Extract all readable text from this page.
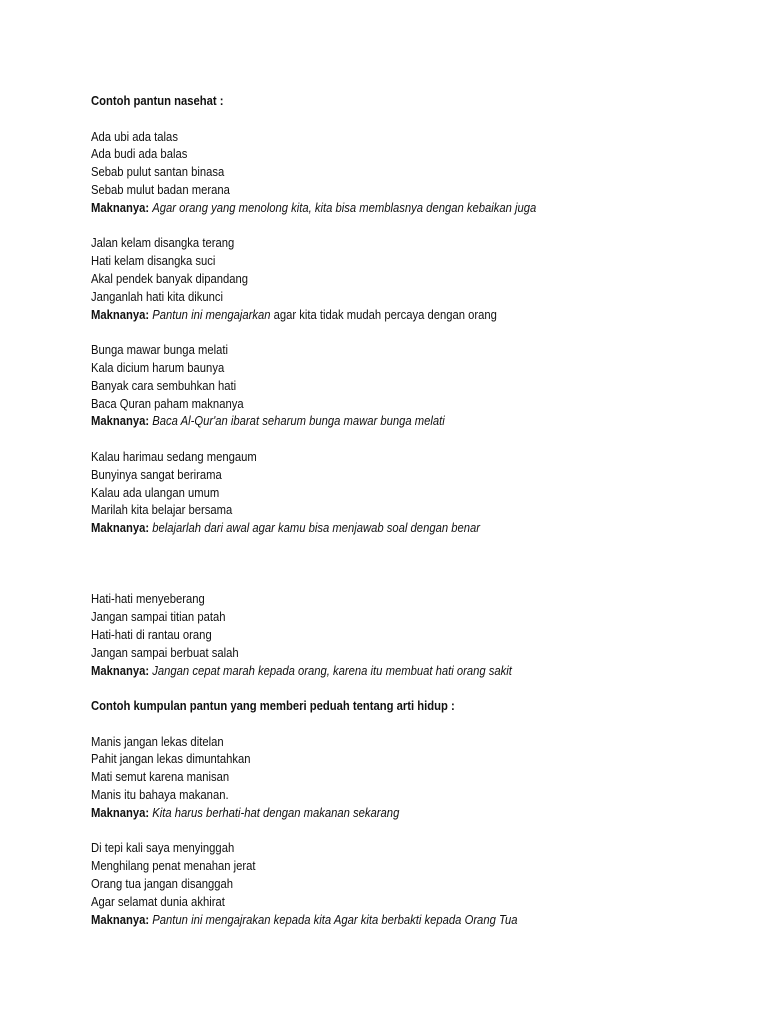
Contoh pantun nasehat :

Ada ubi ada talas

Ada budi ada balas

Sebab pulut santan binasa

Sebab mulut badan merana

Maknanya: Agar orang yang menolong kita, kita bisa memblasnya dengan kebaikan juga

Jalan kelam disangka terang

Hati kelam disangka suci

Akal pendek banyak dipandang

Janganlah hati kita dikunci

Maknanya: Pantun ini mengajarkan agar kita tidak mudah percaya dengan orang

Bunga mawar bunga melati

Kala dicium harum baunya

Banyak cara sembuhkan hati

Baca Quran paham maknanya

Maknanya: Baca Al-Qur'an ibarat seharum bunga mawar bunga melati

Kalau harimau sedang mengaum

Bunyinya sangat berirama

Kalau ada ulangan umum

Marilah kita belajar bersama

Maknanya: belajarlah dari awal agar kamu bisa menjawab soal dengan benar

Hati-hati menyeberang

Jangan sampai titian patah

Hati-hati di rantau orang

Jangan sampai berbuat salah

Maknanya: Jangan cepat marah kepada orang, karena itu membuat hati orang sakit

Contoh kumpulan pantun yang memberi peduah tentang arti hidup :

Manis jangan lekas ditelan

Pahit jangan lekas dimuntahkan

Mati semut karena manisan

Manis itu bahaya makanan.

Maknanya: Kita harus berhati-hat dengan makanan sekarang

Di tepi kali saya menyinggah

Menghilang penat menahan jerat

Orang tua jangan disanggah

Agar selamat dunia akhirat

Maknanya: Pantun ini mengajrakan kepada kita Agar kita berbakti kepada Orang Tua
